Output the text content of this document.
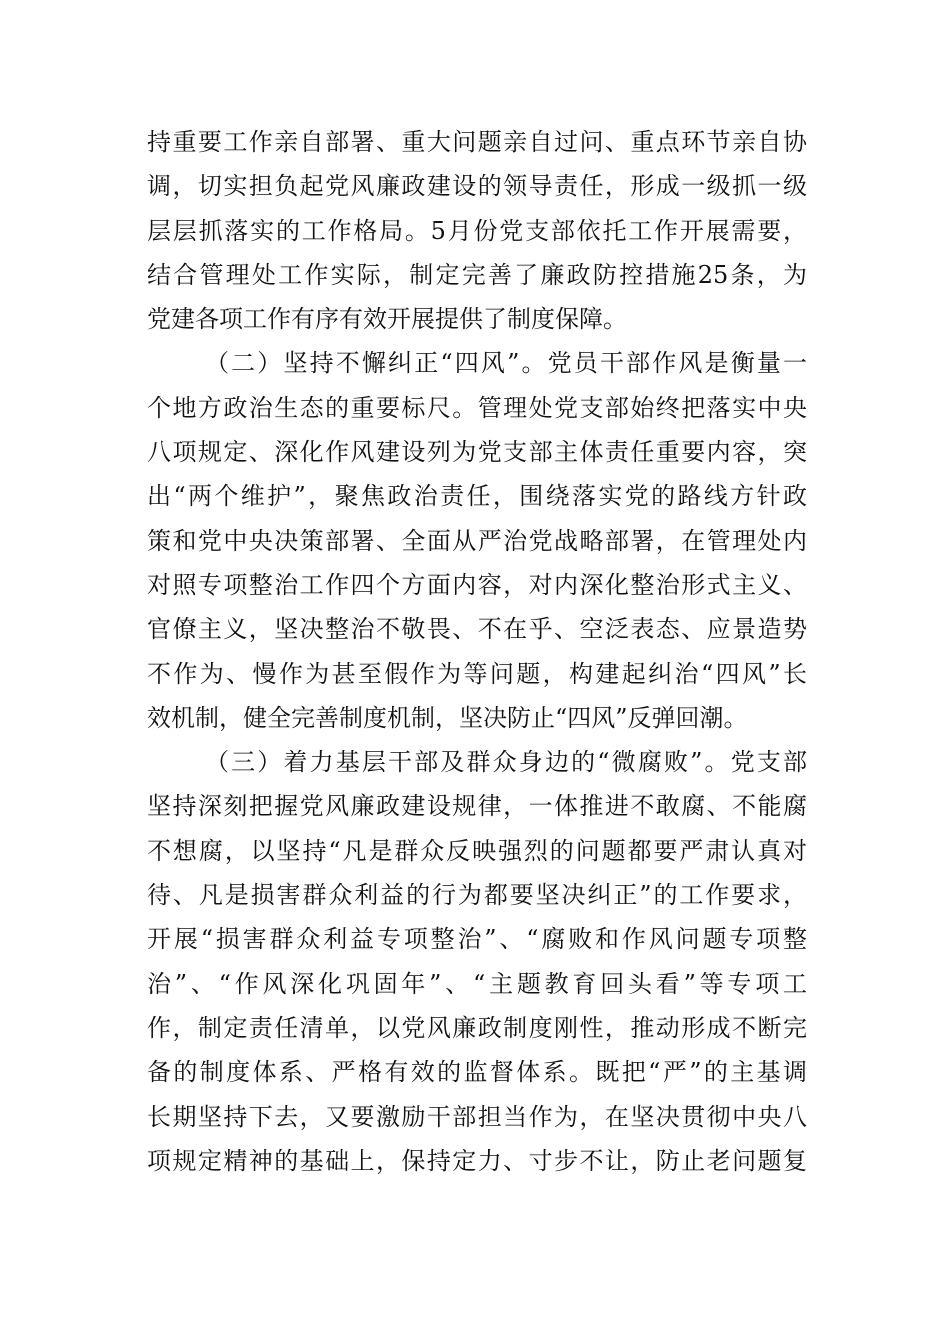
持重要工作亲自部署、重大问题亲自过问、重点环节亲自协
调，切实担负起党风廉政建设的领导责任，形成一级抓一级
层层抓落实的工作格局。5月份党支部依托工作开展需要，
结合管理处工作实际，制定完善了廉政防控措施25条，为
党建各项工作有序有效开展提供了制度保障。
（二）坚持不懈纠正“四风”。党员干部作风是衡量一
个地方政治生态的重要标尺。管理处党支部始终把落实中央
八项规定、深化作风建设列为党支部主体责任重要内容，突
出“两个维护”，聚焦政治责任，围绕落实党的路线方针政
策和党中央决策部署、全面从严治党战略部署，在管理处内
对照专项整治工作四个方面内容，对内深化整治形式主义、
官僚主义，坚决整治不敬畏、不在乎、空泛表态、应景造势
不作为、慢作为甚至假作为等问题，构建起纠治“四风”长
效机制，健全完善制度机制，坚决防止“四风”反弹回潮。
（三）着力基层干部及群众身边的“微腐败”。党支部
坚持深刻把握党风廉政建设规律，一体推进不敢腐、不能腐
不想腐，以坚持“凡是群众反映强烈的问题都要严肃认真对
待、凡是损害群众利益的行为都要坚决纠正”的工作要求，
开展“损害群众利益专项整治”、“腐败和作风问题专项整
治”、“作风深化巩固年”、“主题教育回头看”等专项工
作，制定责任清单，以党风廉政制度刚性，推动形成不断完
备的制度体系、严格有效的监督体系。既把“严”的主基调
长期坚持下去，又要激励干部担当作为，在坚决贯彻中央八
项规定精神的基础上，保持定力、寸步不让，防止老问题复
